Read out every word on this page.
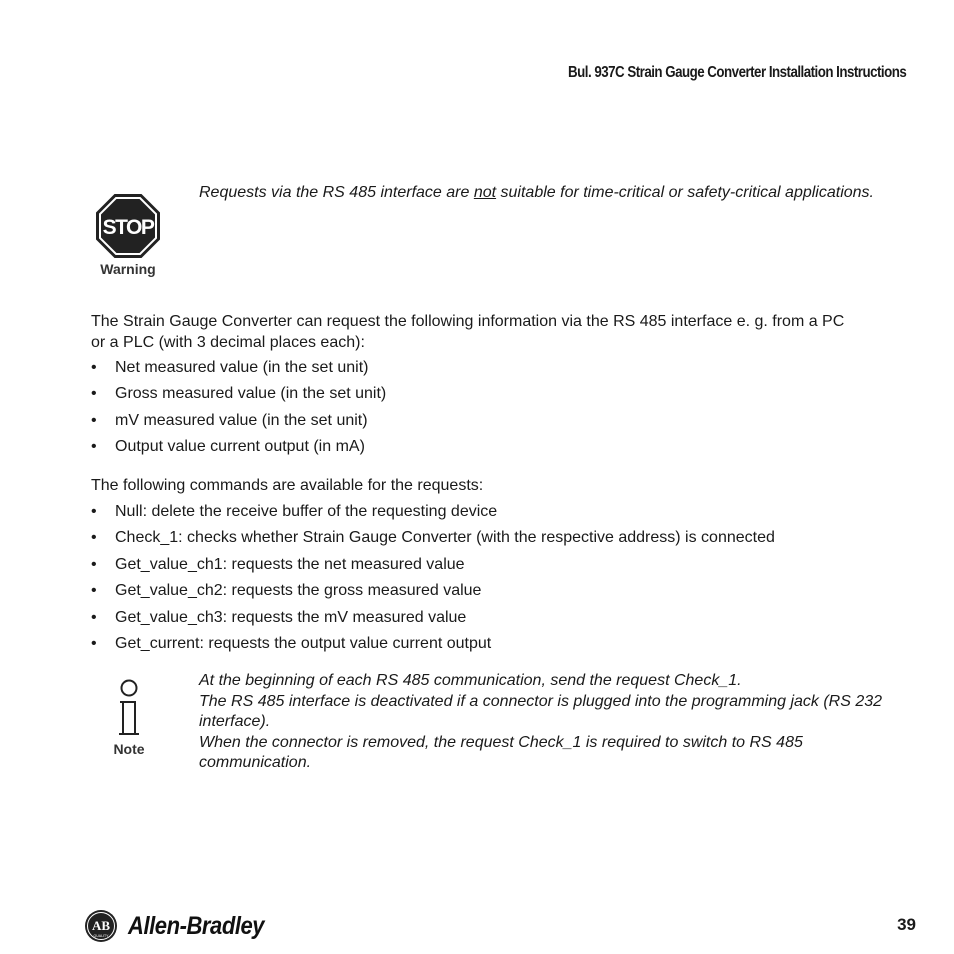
Bul. 937C Strain Gauge Converter Installation Instructions
STOP
Warning
Requests via the RS 485 interface are not suitable for time-critical or safety-critical applications.
The Strain Gauge Converter can request the following information via the RS 485 interface e. g. from a PC or a PLC (with 3 decimal places each):
• Net measured value (in the set unit)
• Gross measured value (in the set unit)
• mV measured value (in the set unit)
• Output value current output (in mA)
The following commands are available for the requests:
• Null: delete the receive buffer of the requesting device
• Check_1: checks whether Strain Gauge Converter (with the respective address) is connected
• Get_value_ch1: requests the net measured value
• Get_value_ch2: requests the gross measured value
• Get_value_ch3: requests the mV measured value
• Get_current: requests the output value current output
Note

At the beginning of each RS 485 communication, send the request Check_1.

The RS 485 interface is deactivated if a connector is plugged into the programming jack (RS 232 interface).

When the connector is removed, the request Check_1 is required to switch to RS 485 communication.

AB
QUALITY Allen-Bradley	39
